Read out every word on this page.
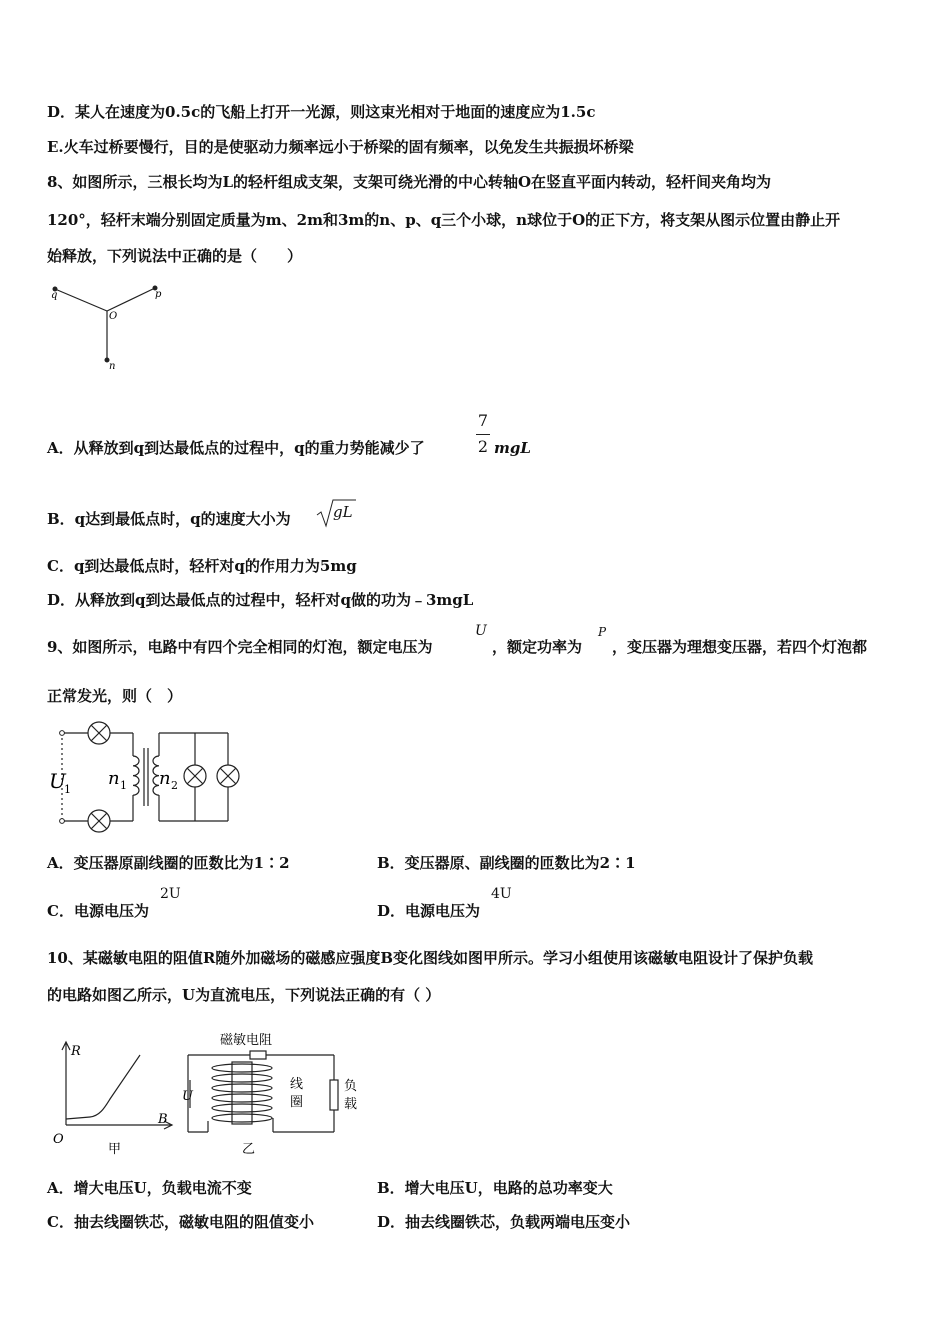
D．某人在速度为0.5c的飞船上打开一光源，则这束光相对于地面的速度应为1.5c
E.火车过桥要慢行，目的是使驱动力频率远小于桥梁的固有频率，以免发生共振损坏桥梁
8、如图所示，三根长均为L的轻杆组成支架，支架可绕光滑的中心转轴O在竖直平面内转动，轻杆间夹角均为
120°，轻杆末端分别固定质量为m、2m和3m的n、p、q三个小球，n球位于O的正下方，将支架从图示位置由静止开
始释放，下列说法中正确的是（　　）
q	p
O
n
A．从释放到q到达最低点的过程中，q的重力势能减少了
7
2 mgL
B．q达到最低点时，q的速度大小为	gL
C．q到达最低点时，轻杆对q的作用力为5mg
D．从释放到q到达最低点的过程中，轻杆对q做的功为﹣3mgL
9、如图所示，电路中有四个完全相同的灯泡，额定电压为
U
，额定功率为
P
，变压器为理想变压器，若四个灯泡都
正常发光，则（　）
U
1
n 1 n 2
A．变压器原副线圈的匝数比为1∶2	B．变压器原、副线圈的匝数比为2∶1
C．电源电压为
2U
D．电源电压为
4U
10、某磁敏电阻的阻值R随外加磁场的磁感应强度B变化图线如图甲所示。学习小组使用该磁敏电阻设计了保护负载
的电路如图乙所示，U为直流电压，下列说法正确的有（ ）
R
B
O
甲
磁敏电阻
U
线
圈
负
载
乙
A．增大电压U，负载电流不变	B．增大电压U，电路的总功率变大
C．抽去线圈铁芯，磁敏电阻的阻值变小	D．抽去线圈铁芯，负载两端电压变小
